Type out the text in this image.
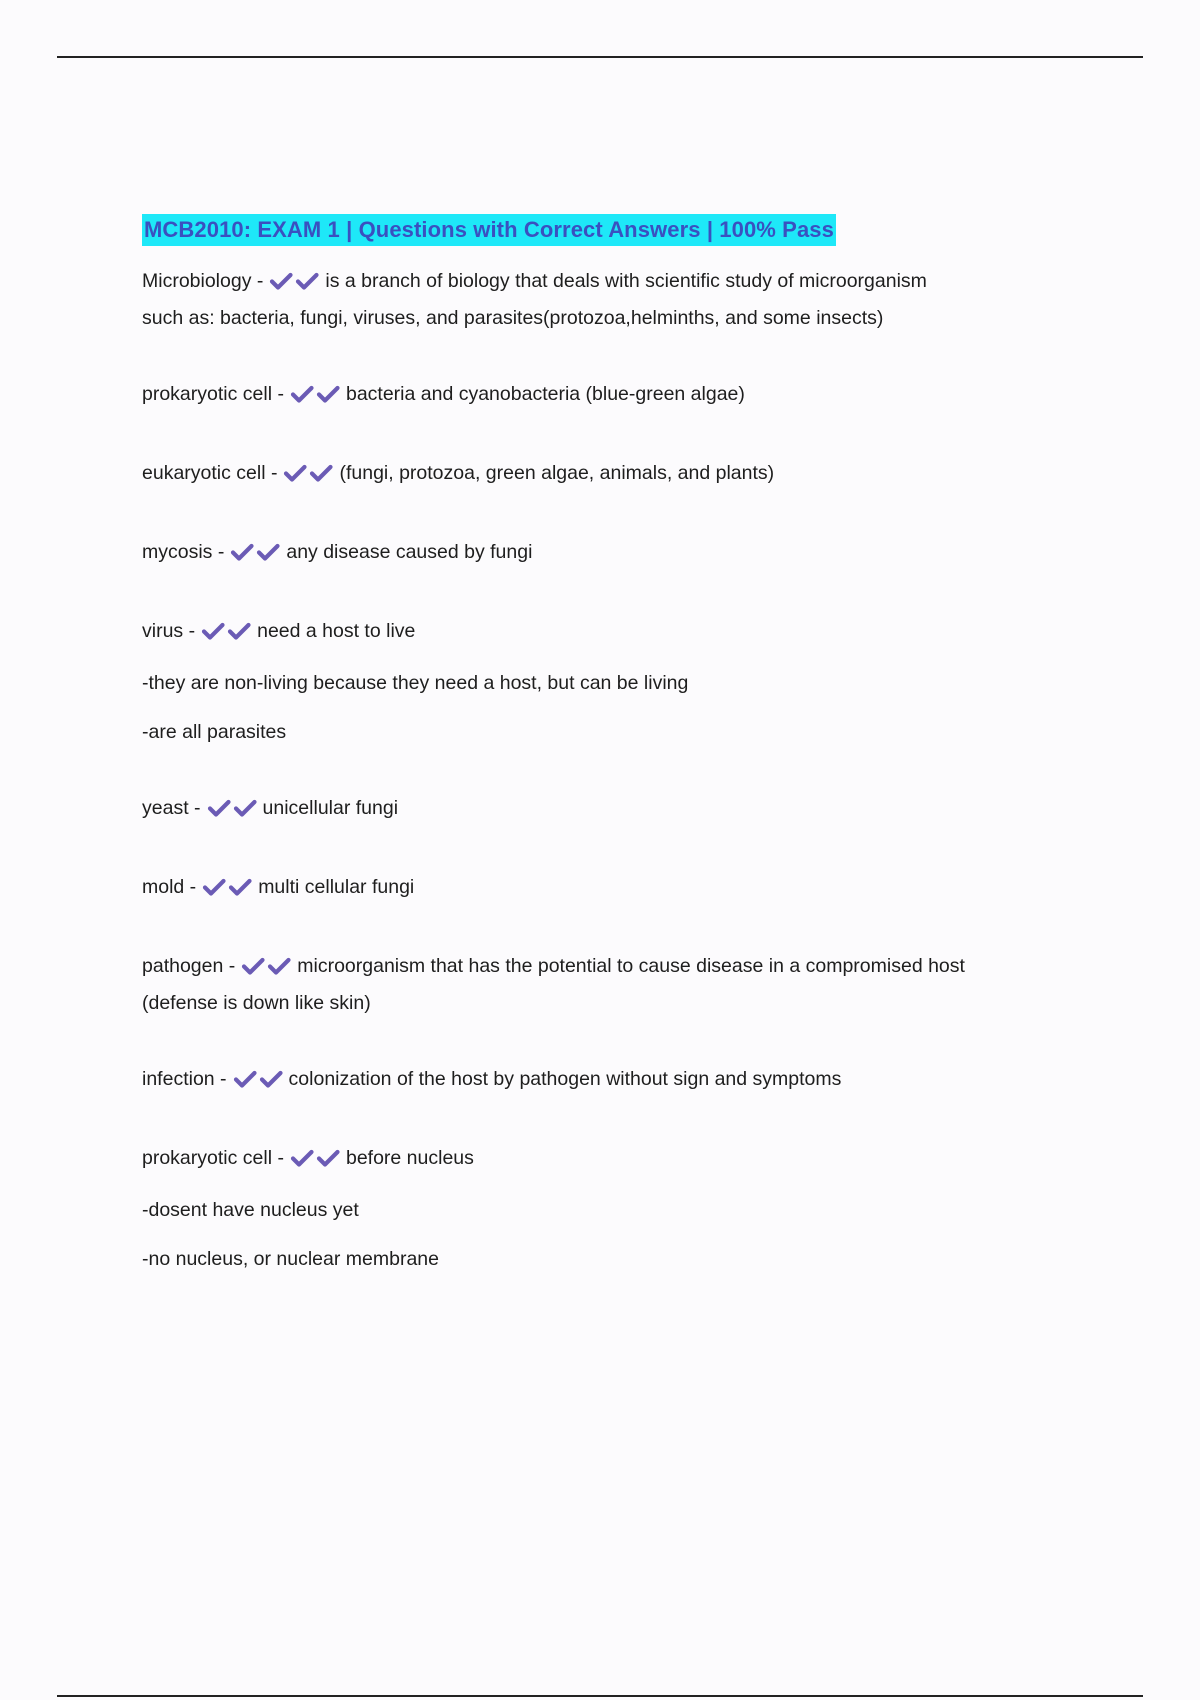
MCB2010: EXAM 1 | Questions with Correct Answers | 100% Pass
Microbiology -	is a branch of biology that deals with scientific study of microorganism
such as: bacteria, fungi, viruses, and parasites(protozoa,helminths, and some insects)
prokaryotic cell -	bacteria and cyanobacteria (blue-green algae)
eukaryotic cell -	(fungi, protozoa, green algae, animals, and plants)
mycosis -	any disease caused by fungi
virus -	need a host to live
-they are non-living because they need a host, but can be living
-are all parasites
yeast -	unicellular fungi
mold -	multi cellular fungi
pathogen -	microorganism that has the potential to cause disease in a compromised host
(defense is down like skin)
infection -	colonization of the host by pathogen without sign and symptoms
prokaryotic cell -	before nucleus
-dosent have nucleus yet
-no nucleus, or nuclear membrane
